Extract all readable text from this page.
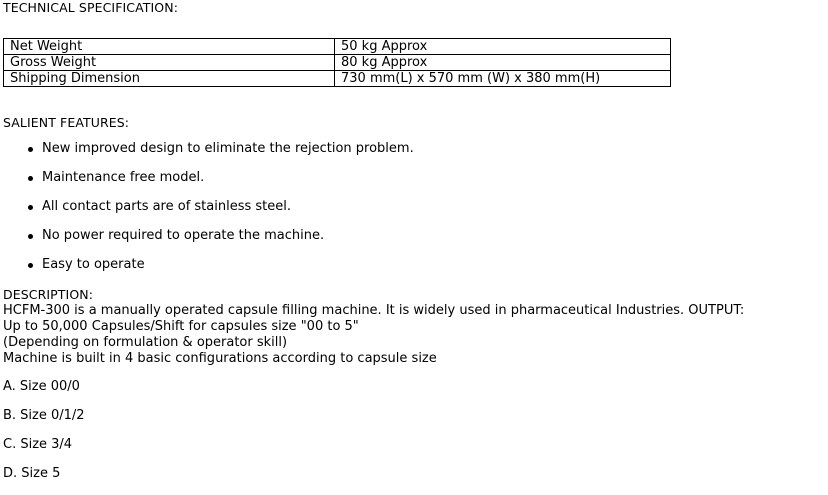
TECHNICAL SPECIFICATION:
Net Weight	50 kg Approx
Gross Weight	80 kg Approx
Shipping Dimension	730 mm(L) x 570 mm (W) x 380 mm(H)
SALIENT FEATURES:
New improved design to eliminate the rejection problem.
Maintenance free model.
All contact parts are of stainless steel.
No power required to operate the machine.
Easy to operate
DESCRIPTION:
HCFM-300 is a manually operated capsule filling machine. It is widely used in pharmaceutical Industries. OUTPUT:
Up to 50,000 Capsules/Shift for capsules size "00 to 5"
(Depending on formulation & operator skill)
Machine is built in 4 basic configurations according to capsule size
A. Size 00/0
B. Size 0/1/2
C. Size 3/4
D. Size 5
